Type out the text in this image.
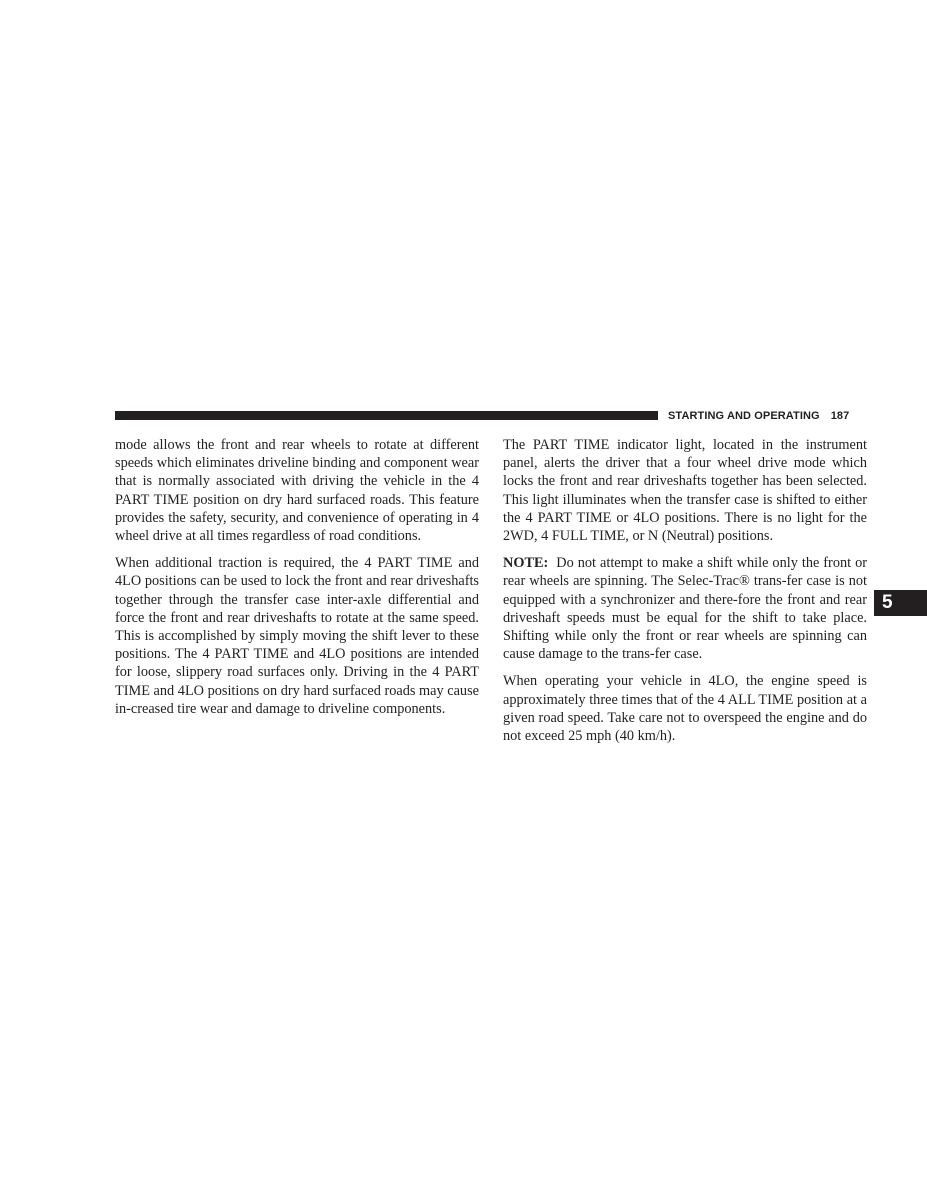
STARTING AND OPERATING 187

mode allows the front and rear wheels to rotate at different speeds which eliminates driveline binding and component wear that is normally associated with driving the vehicle in the 4 PART TIME position on dry hard surfaced roads. This feature provides the safety, security, and convenience of operating in 4 wheel drive at all times regardless of road conditions.

When additional traction is required, the 4 PART TIME and 4LO positions can be used to lock the front and rear driveshafts together through the transfer case inter-axle differential and force the front and rear driveshafts to rotate at the same speed. This is accomplished by simply moving the shift lever to these positions. The 4 PART TIME and 4LO positions are intended for loose, slippery road surfaces only. Driving in the 4 PART TIME and 4LO positions on dry hard surfaced roads may cause in-creased tire wear and damage to driveline components.

The PART TIME indicator light, located in the instrument panel, alerts the driver that a four wheel drive mode which locks the front and rear driveshafts together has been selected. This light illuminates when the transfer case is shifted to either the 4 PART TIME or 4LO positions. There is no light for the 2WD, 4 FULL TIME, or N (Neutral) positions.

NOTE: Do not attempt to make a shift while only the front or rear wheels are spinning. The Selec-Trac® trans-fer case is not equipped with a synchronizer and there-fore the front and rear driveshaft speeds must be equal for the shift to take place. Shifting while only the front or rear wheels are spinning can cause damage to the trans-fer case.

When operating your vehicle in 4LO, the engine speed is approximately three times that of the 4 ALL TIME position at a given road speed. Take care not to overspeed the engine and do not exceed 25 mph (40 km/h).

5
